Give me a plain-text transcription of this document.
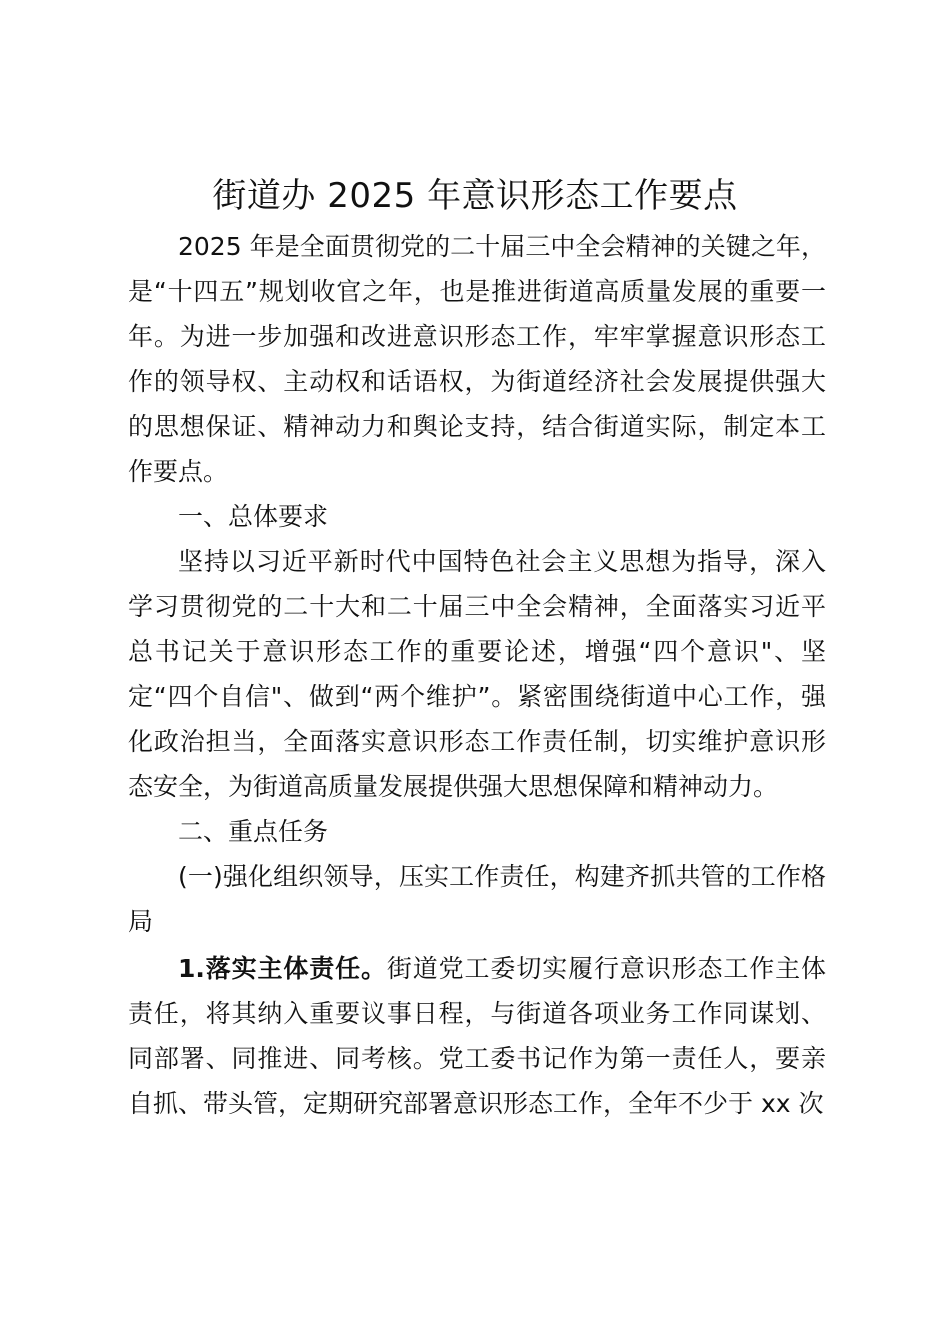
街道办 2025 年意识形态工作要点

2025 年是全面贯彻党的二十届三中全会精神的关键之年，是“十四五”规划收官之年，也是推进街道高质量发展的重要一年。为进一步加强和改进意识形态工作，牢牢掌握意识形态工作的领导权、主动权和话语权，为街道经济社会发展提供强大的思想保证、精神动力和舆论支持，结合街道实际，制定本工作要点。

一、总体要求

坚持以习近平新时代中国特色社会主义思想为指导，深入学习贯彻党的二十大和二十届三中全会精神，全面落实习近平总书记关于意识形态工作的重要论述，增强“四个意识"、坚定“四个自信"、做到“两个维护”。紧密围绕街道中心工作，强化政治担当，全面落实意识形态工作责任制，切实维护意识形态安全，为街道高质量发展提供强大思想保障和精神动力。

二、重点任务

(一)强化组织领导，压实工作责任，构建齐抓共管的工作格局

1.落实主体责任。街道党工委切实履行意识形态工作主体责任，将其纳入重要议事日程，与街道各项业务工作同谋划、同部署、同推进、同考核。党工委书记作为第一责任人，要亲自抓、带头管，定期研究部署意识形态工作，全年不少于 xx 次
